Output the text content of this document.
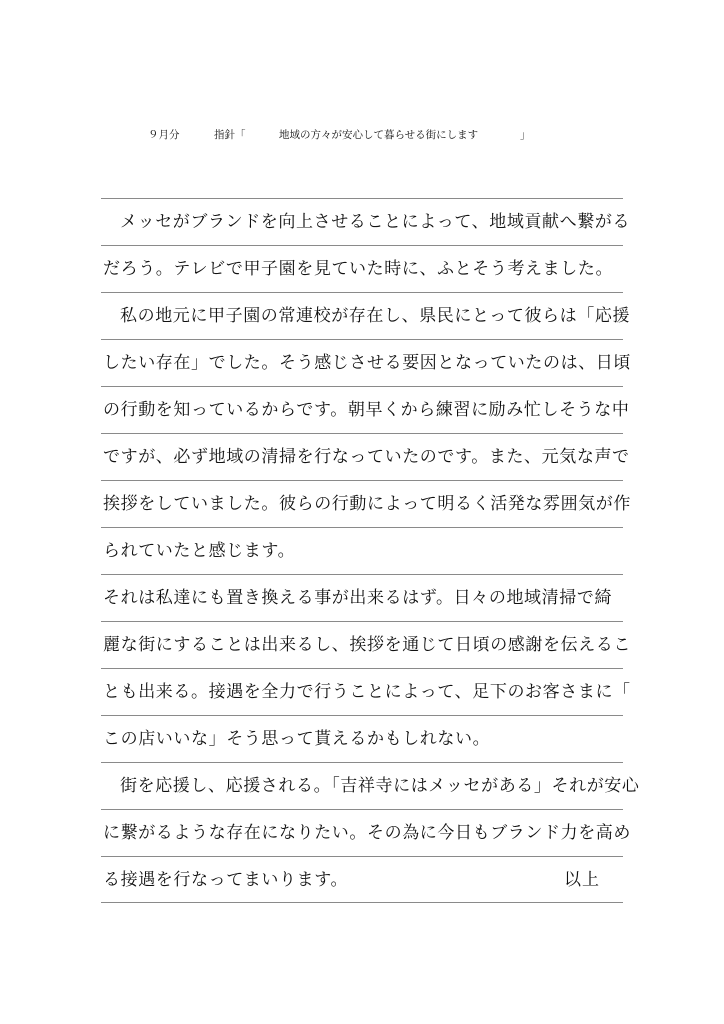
９月分	指針「	地域の方々が安心して暮らせる街にします	」
メッセがブランドを向上させることによって、地域貢献へ繋がる
だろう。テレビで甲子園を見ていた時に、ふとそう考えました。
私の地元に甲子園の常連校が存在し、県民にとって彼らは「応援
したい存在」でした。そう感じさせる要因となっていたのは、日頃
の行動を知っているからです。朝早くから練習に励み忙しそうな中
ですが、必ず地域の清掃を行なっていたのです。また、元気な声で
挨拶をしていました。彼らの行動によって明るく活発な雰囲気が作
られていたと感じます。
それは私達にも置き換える事が出来るはず。日々の地域清掃で綺
麗な街にすることは出来るし、挨拶を通じて日頃の感謝を伝えるこ
とも出来る。接遇を全力で行うことによって、足下のお客さまに「
この店いいな」そう思って貰えるかもしれない。
街を応援し、応援される。「吉祥寺にはメッセがある」それが安心
に繋がるような存在になりたい。その為に今日もブランド力を高め
る接遇を行なってまいります。	以上
